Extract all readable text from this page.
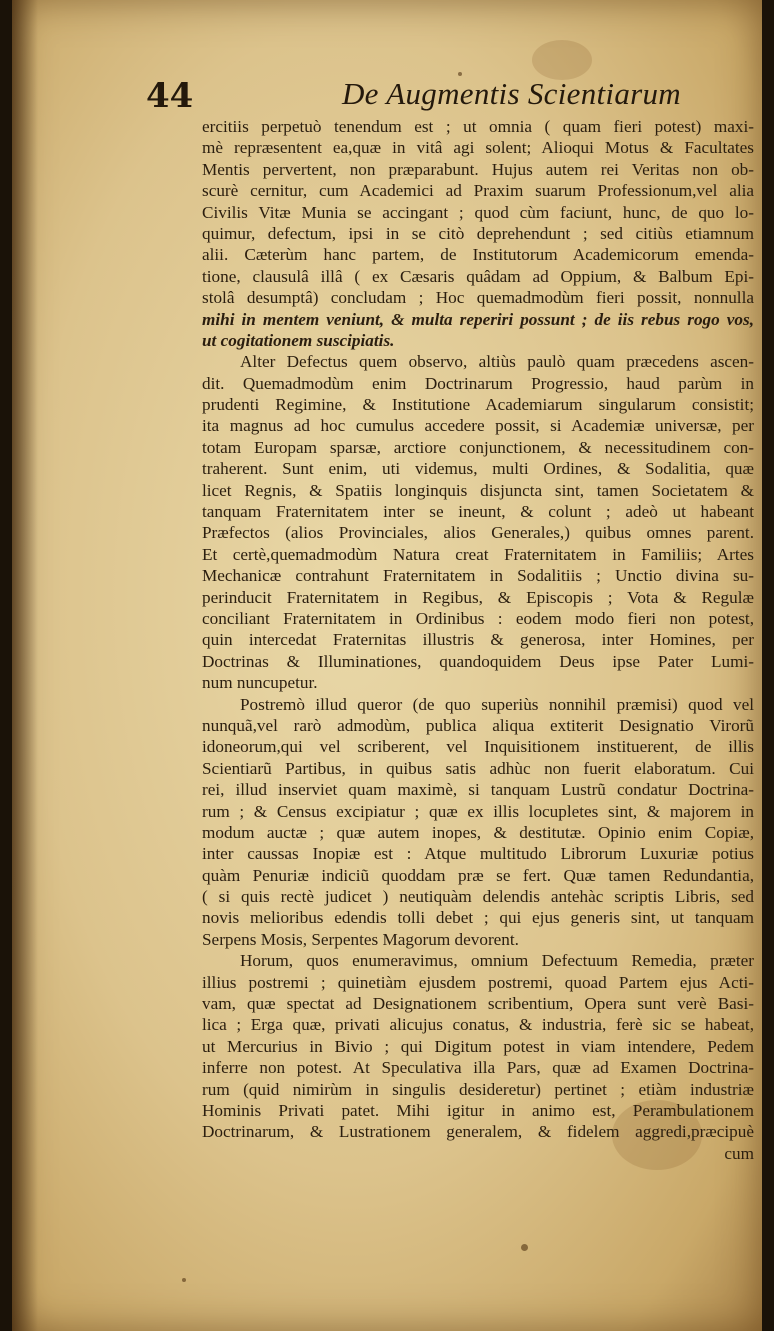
44	De Augmentis Scientiarum
ercitiis perpetuò tenendum est ; ut omnia ( quam fieri potest) maxi-
mè repræsentent ea,quæ in vitâ agi solent; Alioqui Motus & Facultates
Mentis pervertent, non præparabunt. Hujus autem rei Veritas non ob-
scurè cernitur, cum Academici ad Praxim suarum Professionum,vel alia
Civilis Vitæ Munia se accingant ; quod cùm faciunt, hunc, de quo lo-
quimur, defectum, ipsi in se citò deprehendunt ; sed citiùs etiamnum
alii. Cæterùm hanc partem, de Institutorum Academicorum emenda-
tione, clausulâ illâ ( ex Cæsaris quâdam ad Oppium, & Balbum Epi-
stolâ desumptâ) concludam ; Hoc quemadmodùm fieri possit, nonnulla
mihi in mentem veniunt, & multa reperiri possunt ; de iis rebus rogo vos,
ut cogitationem suscipiatis.
Alter Defectus quem observo, altiùs paulò quam præcedens ascen-
dit. Quemadmodùm enim Doctrinarum Progressio, haud parùm in
prudenti Regimine, & Institutione Academiarum singularum consistit;
ita magnus ad hoc cumulus accedere possit, si Academiæ universæ, per
totam Europam sparsæ, arctiore conjunctionem, & necessitudinem con-
traherent. Sunt enim, uti videmus, multi Ordines, & Sodalitia, quæ
licet Regnis, & Spatiis longinquis disjuncta sint, tamen Societatem &
tanquam Fraternitatem inter se ineunt, & colunt ; adeò ut habeant
Præfectos (alios Provinciales, alios Generales,) quibus omnes parent.
Et certè,quemadmodùm Natura creat Fraternitatem in Familiis; Artes
Mechanicæ contrahunt Fraternitatem in Sodalitiis ; Unctio divina su-
perinducit Fraternitatem in Regibus, & Episcopis ; Vota & Regulæ
conciliant Fraternitatem in Ordinibus : eodem modo fieri non potest,
quin intercedat Fraternitas illustris & generosa, inter Homines, per
Doctrinas & Illuminationes, quandoquidem Deus ipse Pater Lumi-
num nuncupetur.
Postremò illud queror (de quo superiùs nonnihil præmisi) quod vel
nunquã,vel rarò admodùm, publica aliqua extiterit Designatio Virorũ
idoneorum,qui vel scriberent, vel Inquisitionem instituerent, de illis
Scientiarũ Partibus, in quibus satis adhùc non fuerit elaboratum. Cui
rei, illud inserviet quam maximè, si tanquam Lustrũ condatur Doctrina-
rum ; & Census excipiatur ; quæ ex illis locupletes sint, & majorem in
modum auctæ ; quæ autem inopes, & destitutæ. Opinio enim Copiæ,
inter caussas Inopiæ est : Atque multitudo Librorum Luxuriæ potius
quàm Penuriæ indiciũ quoddam præ se fert. Quæ tamen Redundantia,
( si quis rectè judicet ) neutiquàm delendis antehàc scriptis Libris, sed
novis melioribus edendis tolli debet ; qui ejus generis sint, ut tanquam
Serpens Mosis, Serpentes Magorum devorent.
Horum, quos enumeravimus, omnium Defectuum Remedia, præter
illius postremi ; quinetiàm ejusdem postremi, quoad Partem ejus Acti-
vam, quæ spectat ad Designationem scribentium, Opera sunt verè Basi-
lica ; Erga quæ, privati alicujus conatus, & industria, ferè sic se habeat,
ut Mercurius in Bivio ; qui Digitum potest in viam intendere, Pedem
inferre non potest. At Speculativa illa Pars, quæ ad Examen Doctrina-
rum (quid nimirùm in singulis desideretur) pertinet ; etiàm industriæ
Hominis Privati patet. Mihi igitur in animo est, Perambulationem
Doctrinarum, & Lustrationem generalem, & fidelem aggredi,præcipuè
cum
